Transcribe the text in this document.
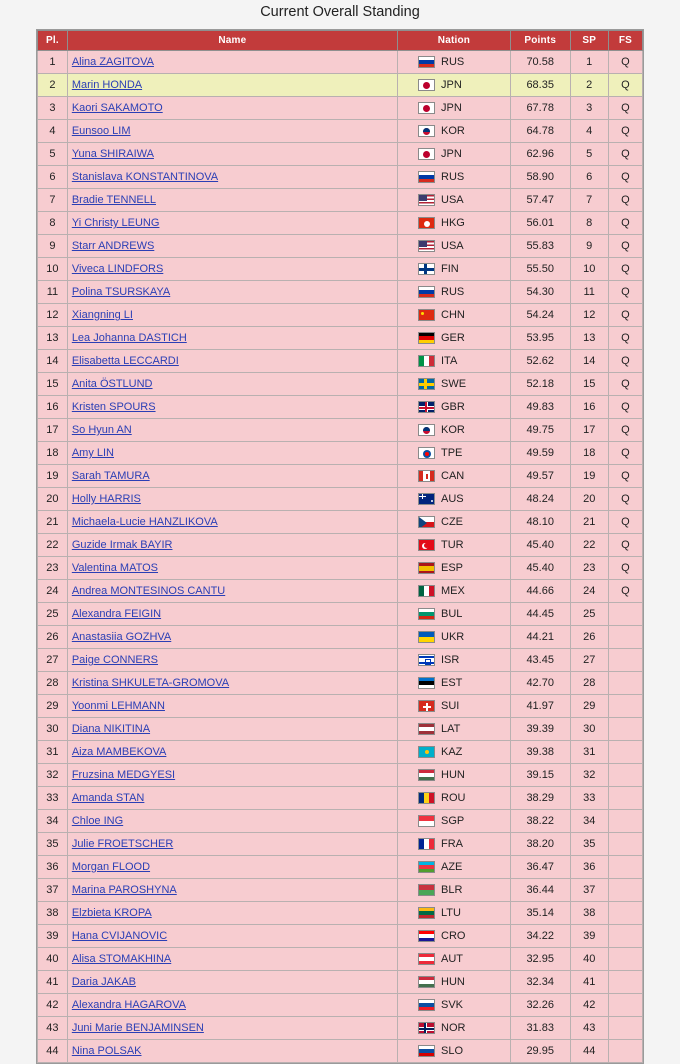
Current Overall Standing
Pl.	Name	Nation	Points	SP	FS
1	Alina ZAGITOVA	RUS	70.58	1	Q
2	Marin HONDA	JPN	68.35	2	Q
3	Kaori SAKAMOTO	JPN	67.78	3	Q
4	Eunsoo LIM	KOR	64.78	4	Q
5	Yuna SHIRAIWA	JPN	62.96	5	Q
6	Stanislava KONSTANTINOVA	RUS	58.90	6	Q
7	Bradie TENNELL	USA	57.47	7	Q
8	Yi Christy LEUNG	HKG	56.01	8	Q
9	Starr ANDREWS	USA	55.83	9	Q
10	Viveca LINDFORS	FIN	55.50	10	Q
11	Polina TSURSKAYA	RUS	54.30	11	Q
12	Xiangning LI	CHN	54.24	12	Q
13	Lea Johanna DASTICH	GER	53.95	13	Q
14	Elisabetta LECCARDI	ITA	52.62	14	Q
15	Anita ÖSTLUND	SWE	52.18	15	Q
16	Kristen SPOURS	GBR	49.83	16	Q
17	So Hyun AN	KOR	49.75	17	Q
18	Amy LIN	TPE	49.59	18	Q
19	Sarah TAMURA	CAN	49.57	19	Q
20	Holly HARRIS	AUS	48.24	20	Q
21	Michaela-Lucie HANZLIKOVA	CZE	48.10	21	Q
22	Guzide Irmak BAYIR	TUR	45.40	22	Q
23	Valentina MATOS	ESP	45.40	23	Q
24	Andrea MONTESINOS CANTU	MEX	44.66	24	Q
25	Alexandra FEIGIN	BUL	44.45	25	
26	Anastasiia GOZHVA	UKR	44.21	26	
27	Paige CONNERS	ISR	43.45	27	
28	Kristina SHKULETA-GROMOVA	EST	42.70	28	
29	Yoonmi LEHMANN	SUI	41.97	29	
30	Diana NIKITINA	LAT	39.39	30	
31	Aiza MAMBEKOVA	KAZ	39.38	31	
32	Fruzsina MEDGYESI	HUN	39.15	32	
33	Amanda STAN	ROU	38.29	33	
34	Chloe ING	SGP	38.22	34	
35	Julie FROETSCHER	FRA	38.20	35	
36	Morgan FLOOD	AZE	36.47	36	
37	Marina PAROSHYNA	BLR	36.44	37	
38	Elzbieta KROPA	LTU	35.14	38	
39	Hana CVIJANOVIC	CRO	34.22	39	
40	Alisa STOMAKHINA	AUT	32.95	40	
41	Daria JAKAB	HUN	32.34	41	
42	Alexandra HAGAROVA	SVK	32.26	42	
43	Juni Marie BENJAMINSEN	NOR	31.83	43	
44	Nina POLSAK	SLO	29.95	44	
